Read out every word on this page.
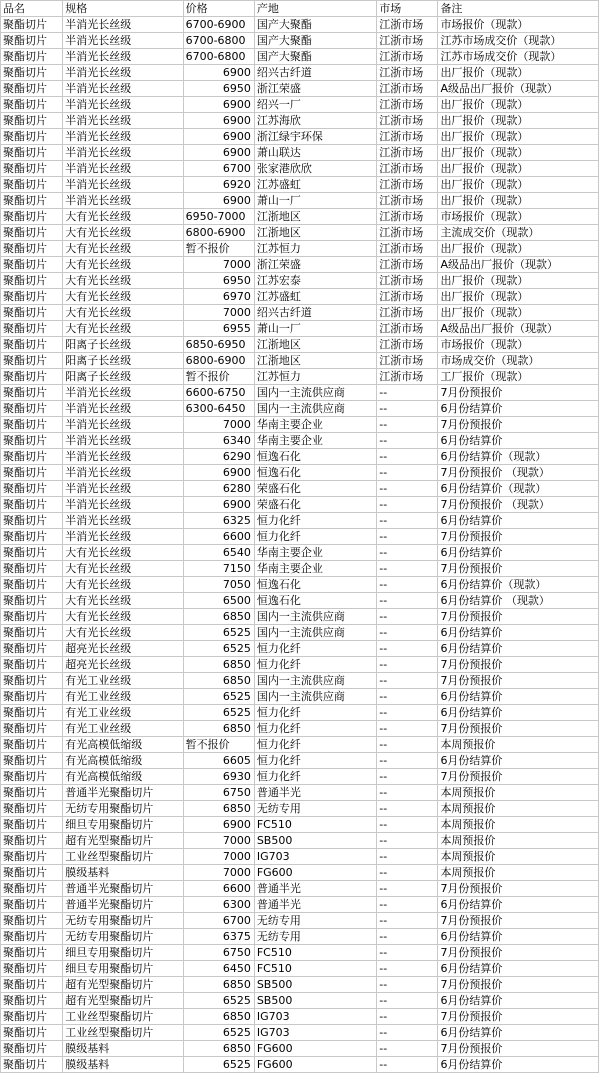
品名	规格	价格	产地	市场	备注
聚酯切片	半消光长丝级	6700-6900	国产大聚酯	江浙市场	市场报价（现款）
聚酯切片	半消光长丝级	6700-6800	国产大聚酯	江浙市场	江苏市场成交价（现款）
聚酯切片	半消光长丝级	6700-6800	国产大聚酯	江浙市场	江苏市场成交价（现款）
聚酯切片	半消光长丝级	6900	绍兴古纤道	江浙市场	出厂报价（现款）
聚酯切片	半消光长丝级	6950	浙江荣盛	江浙市场	A级品出厂报价（现款）
聚酯切片	半消光长丝级	6900	绍兴一厂	江浙市场	出厂报价（现款）
聚酯切片	半消光长丝级	6900	江苏海欣	江浙市场	出厂报价（现款）
聚酯切片	半消光长丝级	6900	浙江绿宇环保	江浙市场	出厂报价（现款）
聚酯切片	半消光长丝级	6900	萧山联达	江浙市场	出厂报价（现款）
聚酯切片	半消光长丝级	6700	张家港欣欣	江浙市场	出厂报价（现款）
聚酯切片	半消光长丝级	6920	江苏盛虹	江浙市场	出厂报价（现款）
聚酯切片	半消光长丝级	6900	萧山一厂	江浙市场	出厂报价（现款）
聚酯切片	大有光长丝级	6950-7000	江浙地区	江浙市场	市场报价（现款）
聚酯切片	大有光长丝级	6800-6900	江浙地区	江浙市场	主流成交价（现款）
聚酯切片	大有光长丝级	暂不报价	江苏恒力	江浙市场	出厂报价（现款）
聚酯切片	大有光长丝级	7000	浙江荣盛	江浙市场	A级品出厂报价（现款）
聚酯切片	大有光长丝级	6950	江苏宏泰	江浙市场	出厂报价（现款）
聚酯切片	大有光长丝级	6970	江苏盛虹	江浙市场	出厂报价（现款）
聚酯切片	大有光长丝级	7000	绍兴古纤道	江浙市场	出厂报价（现款）
聚酯切片	大有光长丝级	6955	萧山一厂	江浙市场	A级品出厂报价（现款）
聚酯切片	阳离子长丝级	6850-6950	江浙地区	江浙市场	市场报价（现款）
聚酯切片	阳离子长丝级	6800-6900	江浙地区	江浙市场	市场成交价（现款）
聚酯切片	阳离子长丝级	暂不报价	江苏恒力	江浙市场	工厂报价（现款）
聚酯切片	半消光长丝级	6600-6750	国内一主流供应商	--	7月份预报价
聚酯切片	半消光长丝级	6300-6450	国内一主流供应商	--	6月份结算价
聚酯切片	半消光长丝级	7000	华南主要企业	--	7月份预报价
聚酯切片	半消光长丝级	6340	华南主要企业	--	6月份结算价
聚酯切片	半消光长丝级	6290	恒逸石化	--	6月份结算价（现款）
聚酯切片	半消光长丝级	6900	恒逸石化	--	7月份预报价 （现款）
聚酯切片	半消光长丝级	6280	荣盛石化	--	6月份结算价（现款）
聚酯切片	半消光长丝级	6900	荣盛石化	--	7月份预报价 （现款）
聚酯切片	半消光长丝级	6325	恒力化纤	--	6月份结算价
聚酯切片	半消光长丝级	6600	恒力化纤	--	7月份预报价
聚酯切片	大有光长丝级	6540	华南主要企业	--	6月份结算价
聚酯切片	大有光长丝级	7150	华南主要企业	--	7月份预报价
聚酯切片	大有光长丝级	7050	恒逸石化	--	6月份结算价（现款）
聚酯切片	大有光长丝级	6500	恒逸石化	--	6月份结算价 （现款）
聚酯切片	大有光长丝级	6850	国内一主流供应商	--	7月份预报价
聚酯切片	大有光长丝级	6525	国内一主流供应商	--	6月份结算价
聚酯切片	超亮光长丝级	6525	恒力化纤	--	6月份结算价
聚酯切片	超亮光长丝级	6850	恒力化纤	--	7月份预报价
聚酯切片	有光工业丝级	6850	国内一主流供应商	--	7月份预报价
聚酯切片	有光工业丝级	6525	国内一主流供应商	--	6月份结算价
聚酯切片	有光工业丝级	6525	恒力化纤	--	6月份结算价
聚酯切片	有光工业丝级	6850	恒力化纤	--	7月份预报价
聚酯切片	有光高模低缩级	暂不报价	恒力化纤	--	本周预报价
聚酯切片	有光高模低缩级	6605	恒力化纤	--	6月份结算价
聚酯切片	有光高模低缩级	6930	恒力化纤	--	7月份预报价
聚酯切片	普通半光聚酯切片	6750	普通半光	--	本周预报价
聚酯切片	无纺专用聚酯切片	6850	无纺专用	--	本周预报价
聚酯切片	细旦专用聚酯切片	6900	FC510	--	本周预报价
聚酯切片	超有光型聚酯切片	7000	SB500	--	本周预报价
聚酯切片	工业丝型聚酯切片	7000	IG703	--	本周预报价
聚酯切片	膜级基料	7000	FG600	--	本周预报价
聚酯切片	普通半光聚酯切片	6600	普通半光	--	7月份预报价
聚酯切片	普通半光聚酯切片	6300	普通半光	--	6月份结算价
聚酯切片	无纺专用聚酯切片	6700	无纺专用	--	7月份预报价
聚酯切片	无纺专用聚酯切片	6375	无纺专用	--	6月份结算价
聚酯切片	细旦专用聚酯切片	6750	FC510	--	7月份预报价
聚酯切片	细旦专用聚酯切片	6450	FC510	--	6月份结算价
聚酯切片	超有光型聚酯切片	6850	SB500	--	7月份预报价
聚酯切片	超有光型聚酯切片	6525	SB500	--	6月份结算价
聚酯切片	工业丝型聚酯切片	6850	IG703	--	7月份预报价
聚酯切片	工业丝型聚酯切片	6525	IG703	--	6月份结算价
聚酯切片	膜级基料	6850	FG600	--	7月份预报价
聚酯切片	膜级基料	6525	FG600	--	6月份结算价
